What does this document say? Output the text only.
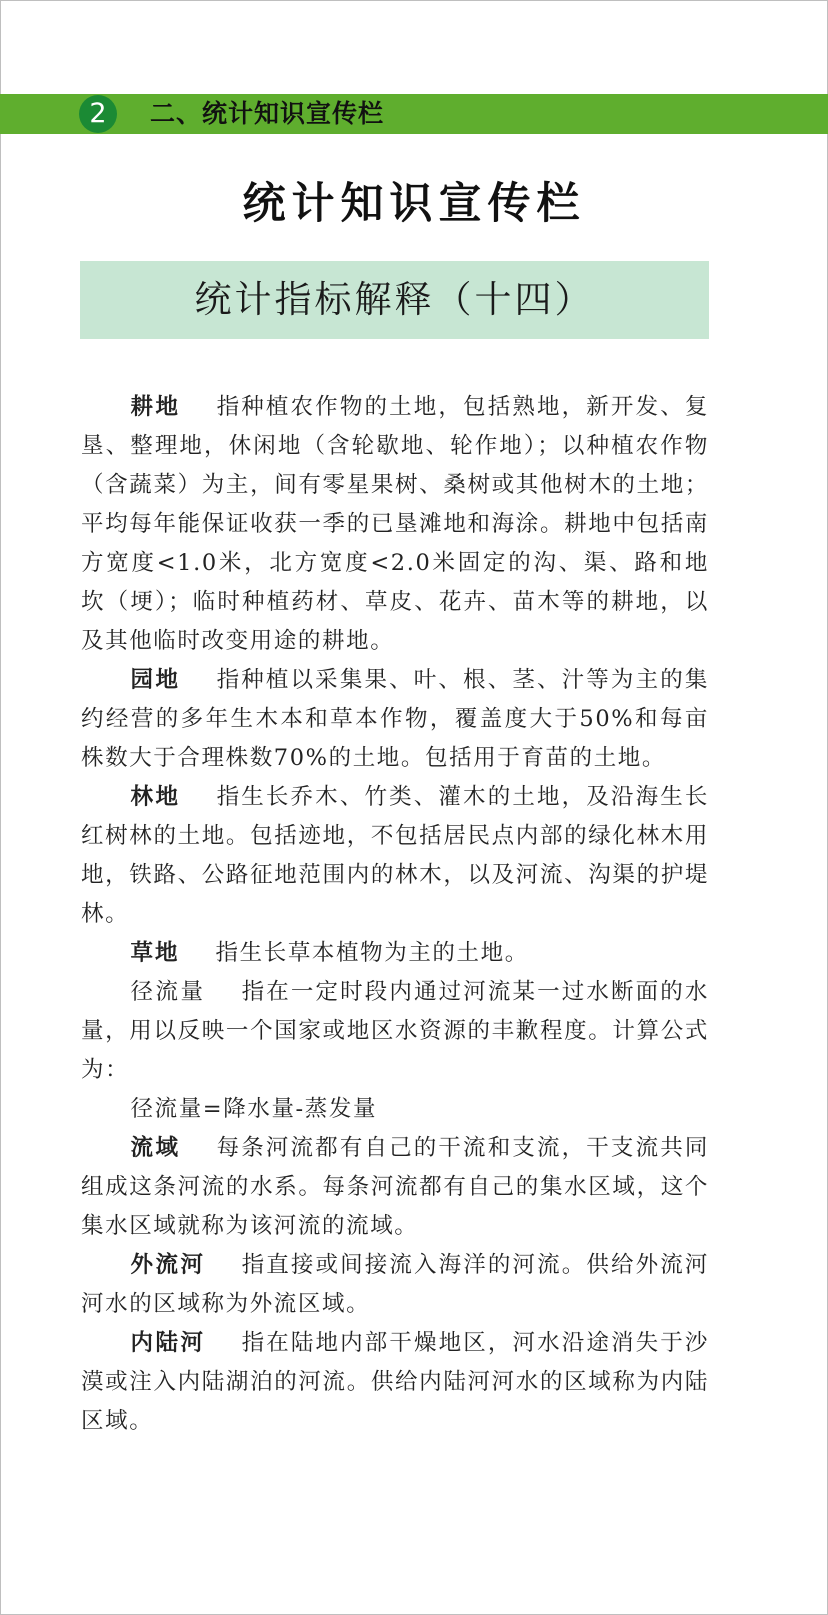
2	二、统计知识宣传栏
统计知识宣传栏
统计指标解释（十四）

耕地 指种植农作物的土地，包括熟地，新开发、复垦、整理地，休闲地（含轮歇地、轮作地）；以种植农作物（含蔬菜）为主，间有零星果树、桑树或其他树木的土地；平均每年能保证收获一季的已垦滩地和海涂。耕地中包括南方宽度<1.0米，北方宽度<2.0米固定的沟、渠、路和地坎（埂）；临时种植药材、草皮、花卉、苗木等的耕地，以及其他临时改变用途的耕地。

园地 指种植以采集果、叶、根、茎、汁等为主的集约经营的多年生木本和草本作物，覆盖度大于50%和每亩株数大于合理株数70%的土地。包括用于育苗的土地。

林地 指生长乔木、竹类、灌木的土地，及沿海生长红树林的土地。包括迹地，不包括居民点内部的绿化林木用地，铁路、公路征地范围内的林木，以及河流、沟渠的护堤林。

草地 指生长草本植物为主的土地。

径流量 指在一定时段内通过河流某一过水断面的水量，用以反映一个国家或地区水资源的丰歉程度。计算公式为：

径流量=降水量-蒸发量

流域 每条河流都有自己的干流和支流，干支流共同组成这条河流的水系。每条河流都有自己的集水区域，这个集水区域就称为该河流的流域。

外流河 指直接或间接流入海洋的河流。供给外流河河水的区域称为外流区域。

内陆河 指在陆地内部干燥地区，河水沿途消失于沙漠或注入内陆湖泊的河流。供给内陆河河水的区域称为内陆区域。
